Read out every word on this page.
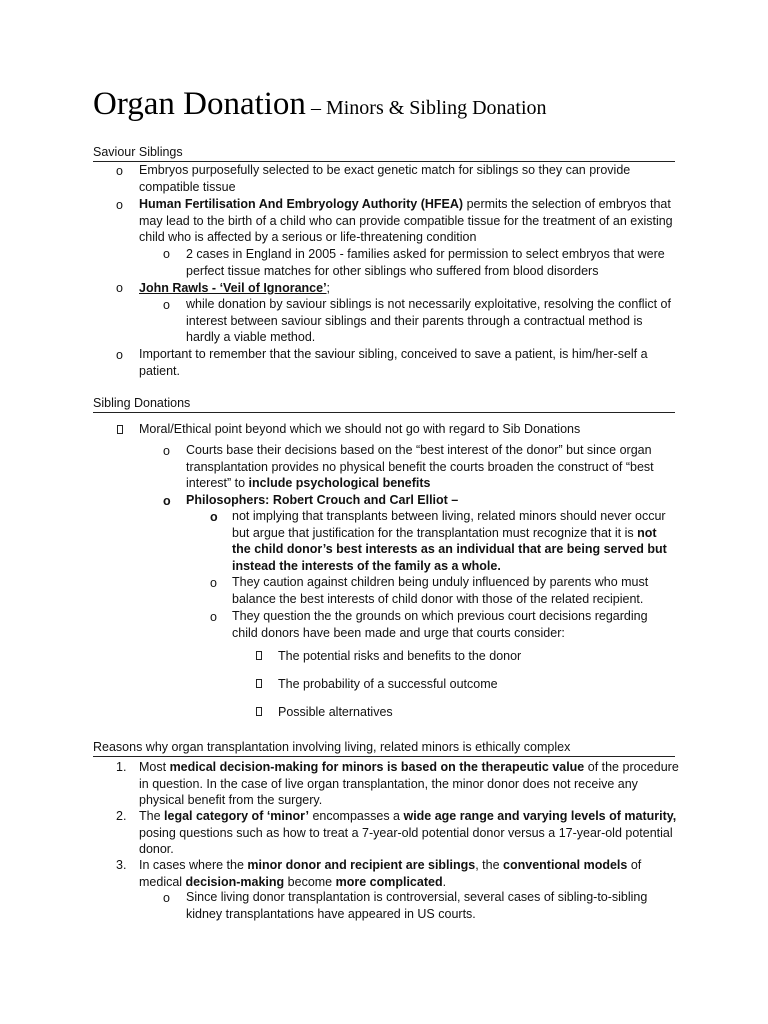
Organ Donation – Minors & Sibling Donation
Saviour Siblings
o Embryos purposefully selected to be exact genetic match for siblings so they can provide compatible tissue
o Human Fertilisation And Embryology Authority (HFEA) permits the selection of embryos that may lead to the birth of a child who can provide compatible tissue for the treatment of an existing child who is affected by a serious or life-threatening condition
o 2 cases in England in 2005 - families asked for permission to select embryos that were perfect tissue matches for other siblings who suffered from blood disorders
o John Rawls - ‘Veil of Ignorance’;
o while donation by saviour siblings is not necessarily exploitative, resolving the conflict of interest between saviour siblings and their parents through a contractual method is hardly a viable method.
o Important to remember that the saviour sibling, conceived to save a patient, is him/her-self a patient.
Sibling Donations
Moral/Ethical point beyond which we should not go with regard to Sib Donations
o Courts base their decisions based on the “best interest of the donor” but since organ transplantation provides no physical benefit the courts broaden the construct of “best interest” to include psychological benefits
o Philosophers: Robert Crouch and Carl Elliot –
o not implying that transplants between living, related minors should never occur but argue that justification for the transplantation must recognize that it is not the child donor’s best interests as an individual that are being served but instead the interests of the family as a whole.
o They caution against children being unduly influenced by parents who must balance the best interests of child donor with those of the related recipient.
o They question the the grounds on which previous court decisions regarding child donors have been made and urge that courts consider:
The potential risks and benefits to the donor
The probability of a successful outcome
Possible alternatives
Reasons why organ transplantation involving living, related minors is ethically complex
1. Most medical decision-making for minors is based on the therapeutic value of the procedure in question. In the case of live organ transplantation, the minor donor does not receive any physical benefit from the surgery.
2. The legal category of ‘minor’ encompasses a wide age range and varying levels of maturity, posing questions such as how to treat a 7-year-old potential donor versus a 17-year-old potential donor.
3. In cases where the minor donor and recipient are siblings, the conventional models of medical decision-making become more complicated.
o Since living donor transplantation is controversial, several cases of sibling-to-sibling kidney transplantations have appeared in US courts.
